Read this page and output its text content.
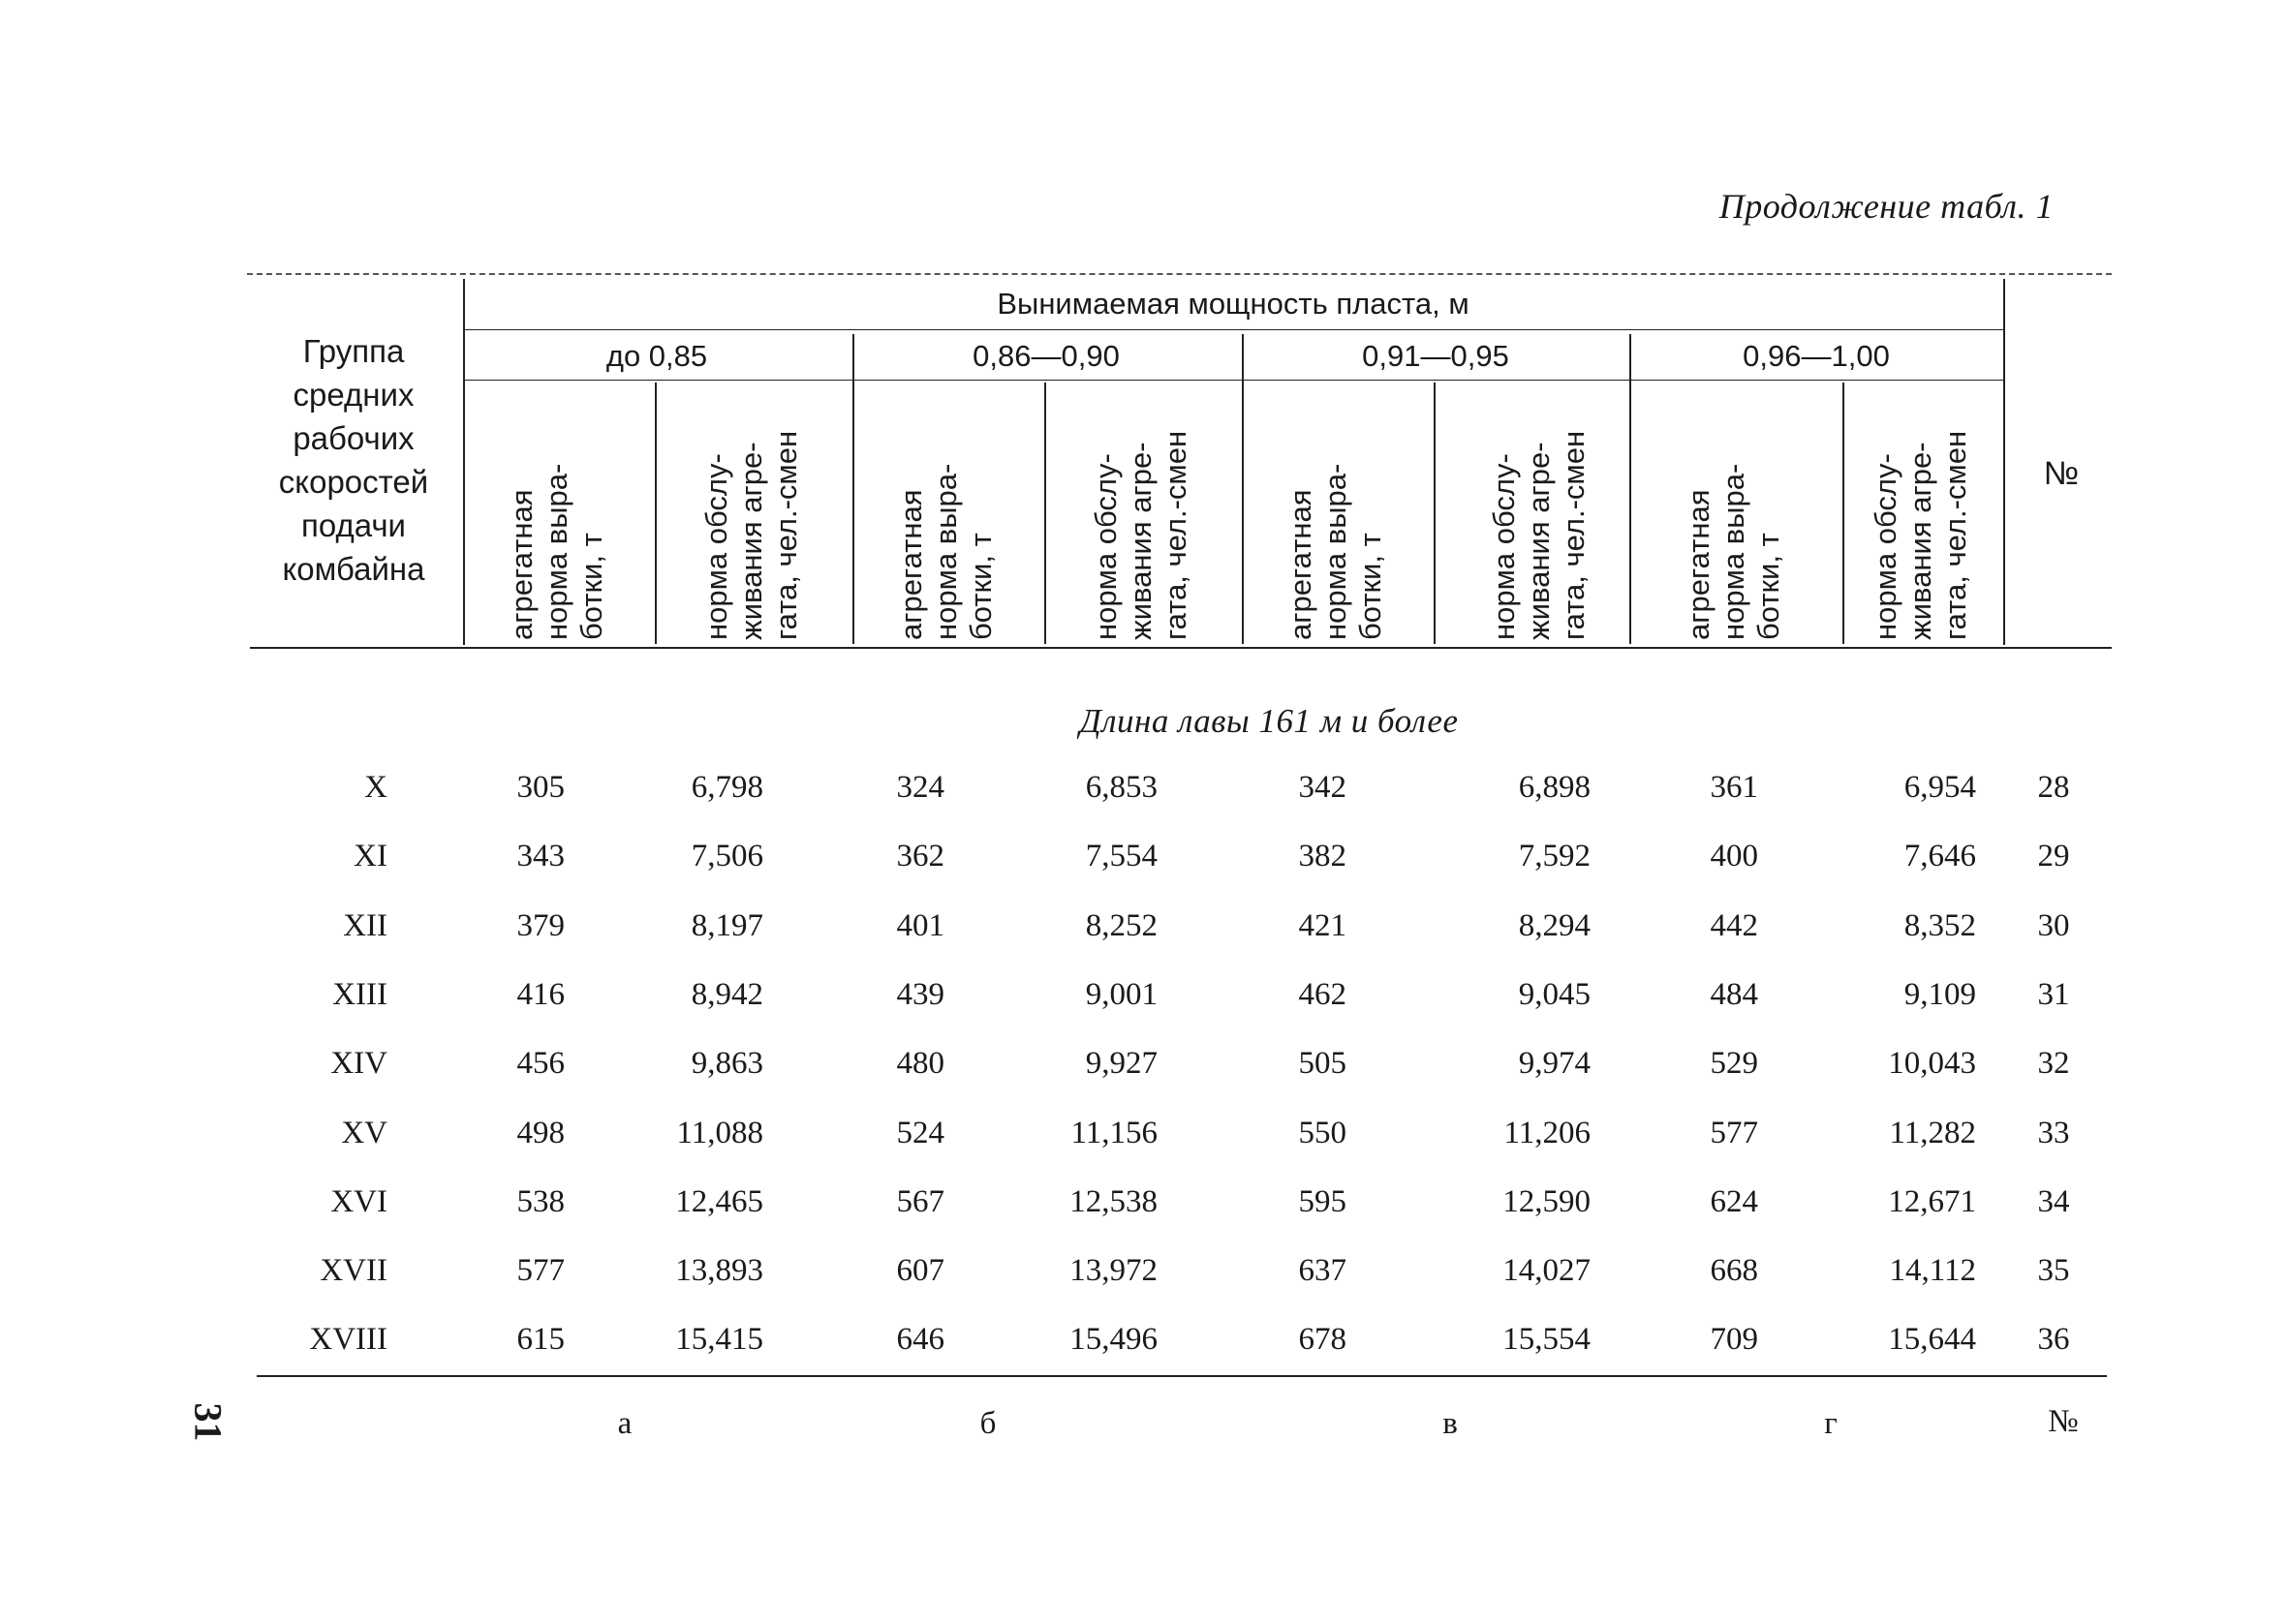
Продолжение табл. 1
Вынимаемая мощность пласта, м
до 0,85	0,86—0,90	0,91—0,95	0,96—1,00
Группа
средних
рабочих
скоростей
подачи
комбайна
№
агрегатная норма выра- ботки, т	норма обслу- живания агре- гата, чел.-смен	агрегатная норма выра- ботки, т	норма обслу- живания агре- гата, чел.-смен	агрегатная норма выра- ботки, т	норма обслу- живания агре- гата, чел.-смен	агрегатная норма выра- ботки, т	норма обслу- живания агре- гата, чел.-смен
Длина лавы 161 м и более
X	305	6,798	324	6,853	342	6,898	361	6,954	28
XI	343	7,506	362	7,554	382	7,592	400	7,646	29
XII	379	8,197	401	8,252	421	8,294	442	8,352	30
XIII	416	8,942	439	9,001	462	9,045	484	9,109	31
XIV	456	9,863	480	9,927	505	9,974	529	10,043	32
XV	498	11,088	524	11,156	550	11,206	577	11,282	33
XVI	538	12,465	567	12,538	595	12,590	624	12,671	34
XVII	577	13,893	607	13,972	637	14,027	668	14,112	35
XVIII	615	15,415	646	15,496	678	15,554	709	15,644	36
а	б	в	г	№
31
